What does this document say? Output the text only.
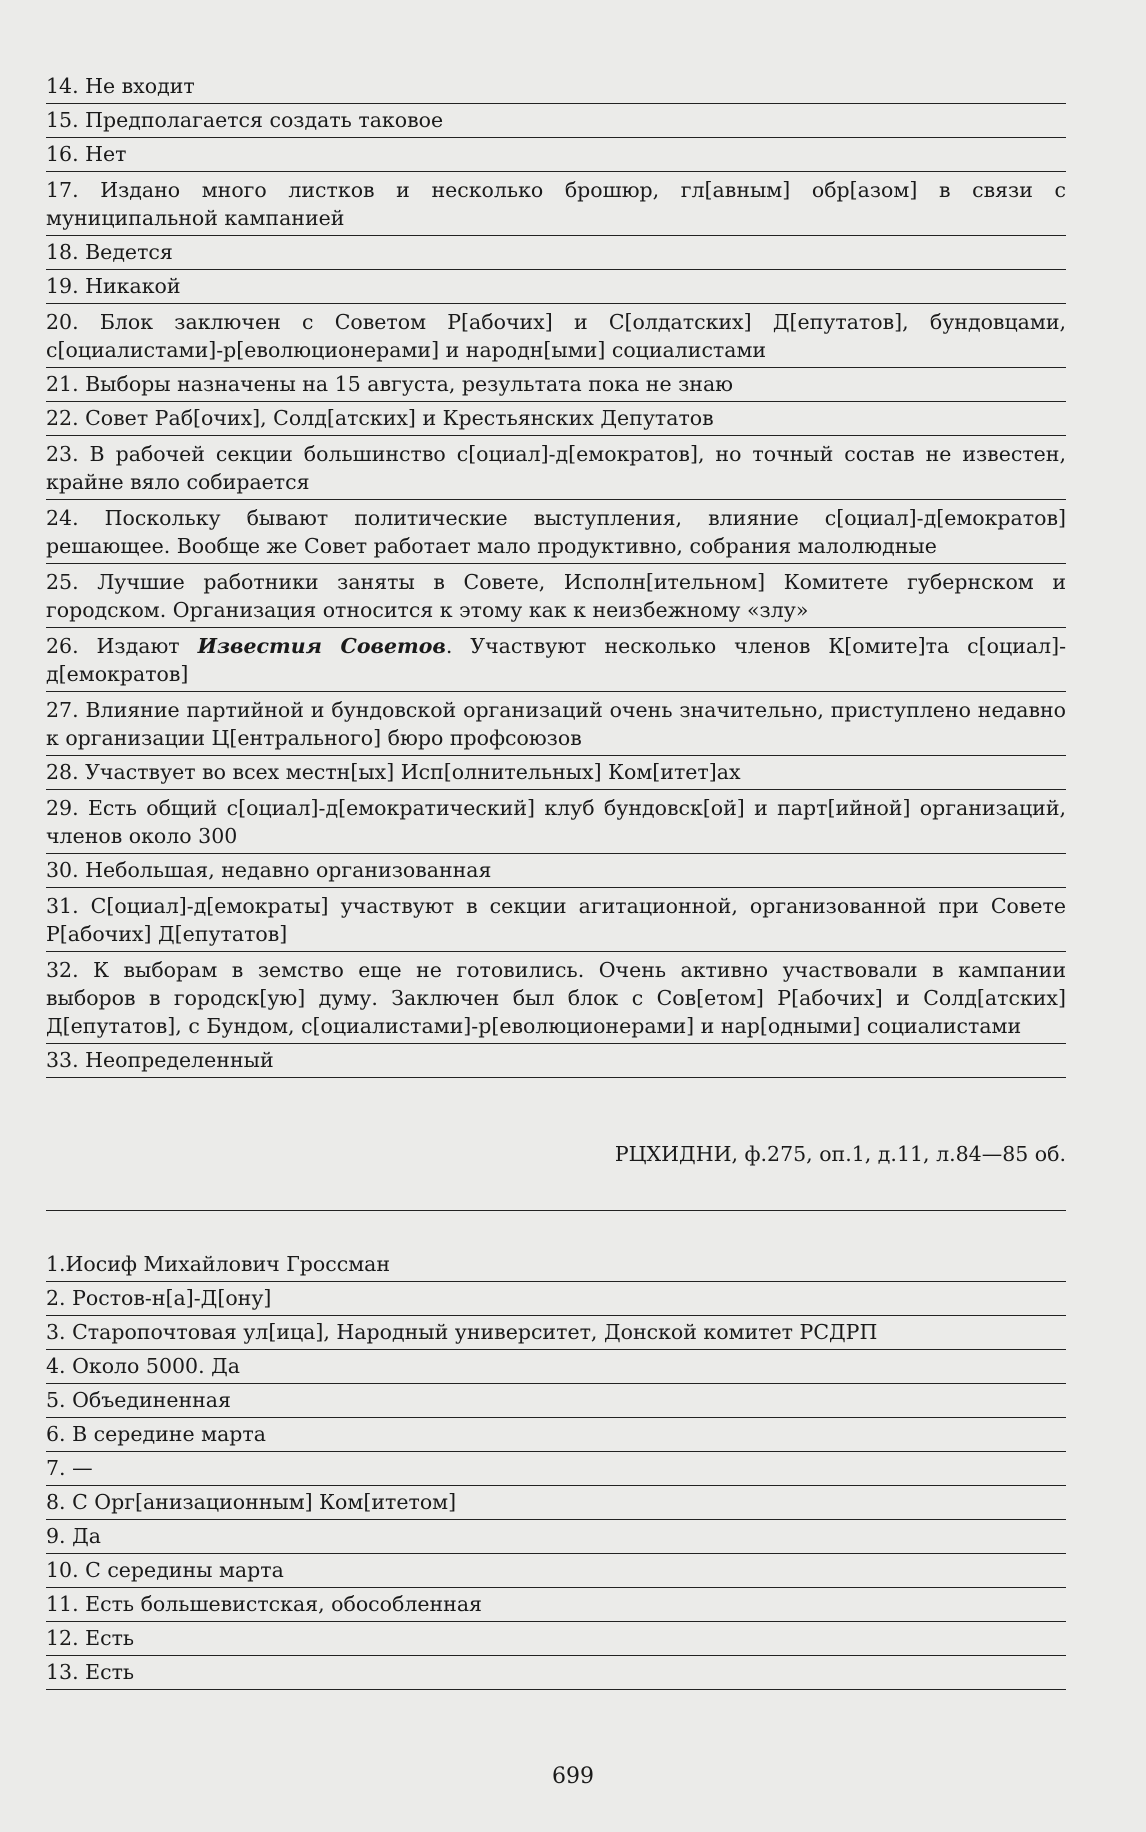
14. Не входит
15. Предполагается создать таковое
16. Нет
17. Издано много листков и несколько брошюр, гл[авным] обр[азом] в связи с муниципальной кампанией
18. Ведется
19. Никакой
20. Блок заключен с Советом Р[абочих] и С[олдатских] Д[епутатов], бундовцами, с[оциалистами]-р[еволюционерами] и народн[ыми] социалистами
21. Выборы назначены на 15 августа, результата пока не знаю
22. Совет Раб[очих], Солд[атских] и Крестьянских Депутатов
23. В рабочей секции большинство с[оциал]-д[емократов], но точный состав не известен, крайне вяло собирается
24. Поскольку бывают политические выступления, влияние с[оциал]-д[емократов] решающее. Вообще же Совет работает мало продуктивно, собрания малолюдные
25. Лучшие работники заняты в Совете, Исполн[ительном] Комитете губернском и городском. Организация относится к этому как к неизбежному «злу»
26. Издают Известия Советов. Участвуют несколько членов К[омите]та с[оциал]-д[емократов]
27. Влияние партийной и бундовской организаций очень значительно, приступлено недавно к организации Ц[ентрального] бюро профсоюзов
28. Участвует во всех местн[ых] Исп[олнительных] Ком[итет]ах
29. Есть общий с[оциал]-д[емократический] клуб бундовск[ой] и парт[ийной] организаций, членов около 300
30. Небольшая, недавно организованная
31. С[оциал]-д[емократы] участвуют в секции агитационной, организованной при Совете Р[абочих] Д[епутатов]
32. К выборам в земство еще не готовились. Очень активно участвовали в кампании выборов в городск[ую] думу. Заключен был блок с Сов[етом] Р[абочих] и Солд[атских] Д[епутатов], с Бундом, с[оциалистами]-р[еволюционерами] и нар[одными] социалистами
33. Неопределенный
РЦХИДНИ, ф.275, оп.1, д.11, л.84—85 об.
1.Иосиф Михайлович Гроссман
2. Ростов-н[а]-Д[ону]
3. Старопочтовая ул[ица], Народный университет, Донской комитет РСДРП
4. Около 5000. Да
5. Объединенная
6. В середине марта
7. —
8. С Орг[анизационным] Ком[итетом]
9. Да
10. С середины марта
11. Есть большевистская, обособленная
12. Есть
13. Есть
699
